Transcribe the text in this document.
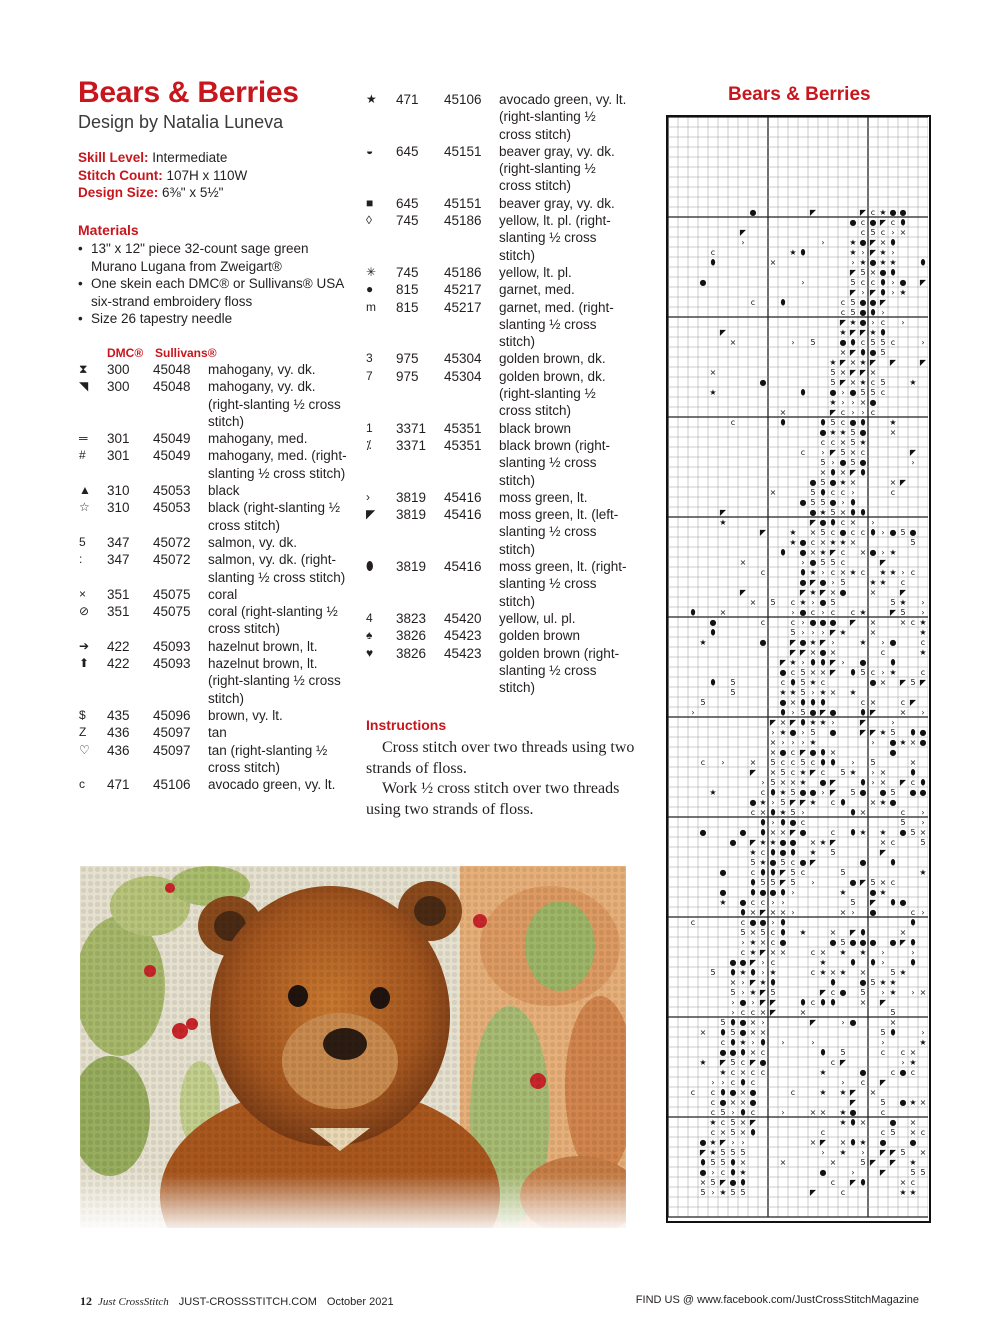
Bears & Berries
Design by Natalia Luneva
Skill Level: Intermediate
Stitch Count: 107H x 110W
Design Size: 6⅜" x 5½"
Materials
• 13" x 12" piece 32-count sage green Murano Lugana from Zweigart®
• One skein each DMC® or Sullivans® USA six-strand embroidery floss
• Size 26 tapestry needle
DMC® Sullivans®
⧗	300	45048	mahogany, vy. dk.
◥	300	45048	mahogany, vy. dk. (right-slanting ½ cross stitch)
═	301	45049	mahogany, med.
#	301	45049	mahogany, med. (right-slanting ½ cross stitch)
▲	310	45053	black
☆	310	45053	black (right-slanting ½ cross stitch)
5	347	45072	salmon, vy. dk.
:	347	45072	salmon, vy. dk. (right-slanting ½ cross stitch)
×	351	45075	coral
⊘	351	45075	coral (right-slanting ½ cross stitch)
➔	422	45093	hazelnut brown, lt.
⬆	422	45093	hazelnut brown, lt. (right-slanting ½ cross stitch)
$	435	45096	brown, vy. lt.
Z	436	45097	tan
♡	436	45097	tan (right-slanting ½ cross stitch)
c	471	45106	avocado green, vy. lt.
★	471	45106	avocado green, vy. lt. (right-slanting ½ cross stitch)
◒	645	45151	beaver gray, vy. dk. (right-slanting ½ cross stitch)
■	645	45151	beaver gray, vy. dk.
◊	745	45186	yellow, lt. pl. (right-slanting ½ cross stitch)
✳	745	45186	yellow, lt. pl.
●	815	45217	garnet, med.
m	815	45217	garnet, med. (right-slanting ½ cross stitch)
3	975	45304	golden brown, dk.
7	975	45304	golden brown, dk. (right-slanting ½ cross stitch)
1	3371	45351	black brown
⁒	3371	45351	black brown (right-slanting ½ cross stitch)
›	3819	45416	moss green, lt.
◤	3819	45416	moss green, lt. (left-slanting ½ cross stitch)
⬮	3819	45416	moss green, lt. (right-slanting ½ cross stitch)
4	3823	45420	yellow, ul. pl.
♠	3826	45423	golden brown
♥	3826	45423	golden brown (right-slanting ½ cross stitch)
Instructions

Cross stitch over two threads using two strands of floss.

Work ½ cross stitch over two threads using two strands of floss.

Bears & Berries
●	◤	◤ c ★ ● ●
● c ● ◤ c ⬮
◤	c 5 c › ×
›	›	★ ● ◤ × ⬮
c	★ ⬮	★ › ◤ ★ ›
⬮	×	› ★ ● ★ ★	⬮
◤ 5 × ● ⬮
●	›	5 c c ⬮ › ● ◤
◤ › ◤ ⬮ › ★
c	⬮	c 5 ● ● ◤
c 5 ● ⬮ ›
◤ ★ ● › c ›
◤	★ ◤ ◤ ★ ⬮
×	› 5	● ⬮ c 5 5 c	›
× ◤ ⬮ ● 5
★ ◤ × ★ ◤ ◤	◤
×	5 × ◤ ◤ ×
●	5 ◤ × ★ c 5	★
★	⬮	● › ● 5 5 c
★ › › × ●
×	◤ c › › c
c	⬮	⬮ 5 c ● ⬮	★
● ★ ★ 5 ●	×
c c × 5 ★
c › ◤ 5 × c	◤
5 › ● 5 ●	›
× ⬮ × ◤ ⬮
● 5 ● ★ ×	× ◤
×	5 ⬮ c c ›	c
● 5 5 ● › ⬮
◤	● ★ 5 × ⬮ ⬮
★	◤ ● ⬮ c × ›
◤	★ × 5 c ● c c ⬮ › ● 5 ●
★ ● c × ★ ★ ×	5
⬮ ● × ★ ◤ c × ● › ★
×	› ● 5 5 c	◤
c	⬮ ★ › c × ★ c ★ ★ › c
● ◤ ● › 5	★ ★ c
◤	◤ ★ ◤ × ●	×	◤
× 5 c ★ › ● 5	5 ★ ›
⬮	×	› ● c › c c ★	◤ 5 ›
●	c	c › ● ● ● ◤ ×	× c ★
⬮	5 › › › ◤ ★	×	★
★	●	◤ ● ★ ◤ ›	★ › ●	c
◤ ◤ × ● ×	c	★
◤ ★ › ⬮ ⬮ ◤ › ●	⬮
● c 5 × × ◤ ⬮ 5 c › ★	c
⬮ 5	c ⬮ 5 ★ c	● × ◤ 5 ◤
5	★ ★ 5 › ★ × ★
5	● × ⬮ ⬮ ⬮	c ×	c ◤
›	⬮ › 5 ● ◤ ●	⬮ ◤	× ›
◤ × ◤ ⬮ ★ ★ ›	◤	›
› ★ ● › 5 ●	◤ ◤ ★ 5 ⬮ ●
× › › › ★	› ● ★ × ●
× ● c ◤ ● ⬮ ×	●
c ›	× 5 c c 5 c ⬮ ⬮ › 5	×
◤ × 5 c ★ ◤ c 5 ★ › ×	⬮
› 5 × × ★ ● ◤	⬮ › × ◤ c ⬮
★	c ⬮ ★ 5 ● ● › ◤ 5 ● ● 5 ● ●
● ★ › 5 ◤ ◤ ★ c ⬮	× ★ ●
c × ⬮ ★ 5 ›	⬮ ×	c ›
⬮ › ⬮ ● c	5 ›
●	● ⬮ × × ◤ ●	c ⬮ ★ ★ ● 5 ×
● ◤ ★ ★ ● ● × ★ ◤	× c	5
★ c ⬮ ● ⬮ ★ 5	◤
5 ★ ● 5 c ● ◤	●	⬮
●	c ⬮ ⬮ ◤ 5 c	5	★
⬮ 5 5 ◤ 5 ›	● ◤ 5 × c
●	⬮ ● ● ⬮ ›	★	● ★
★ ● c c › ›	5 ◤ ⬮ ●
⬮ × ◤ × × ›	× › ●	c ›
c	c ● ● › ⬮	⬮
5 × 5 c ⬮ ★	× ◤ ⬮	×
› ★ × c ●	● 5 ● ● ● ● ◤ ⬮
c ★ ◤ × ×	c × ★ ★ ›	›
● ● ◤ › c	★	⬮ ⬮ ›	⬮
5 ⬮ ★ ⬮ › ★	c ★ × ★ ×	5 ★
× › ◤ ★ ⬮	⬮	● 5 ★ ★
5 › ★ ◤ 5	◤ c ● 5 › ★ › ×
› ● › ◤ ◤	⬮ c ⬮ ⬮	× ◤
› c c × ◤	×	5
5 ⬮ ● × ›	◤	› ●	×
× ⬮ 5 ● × ×	5 ⬮	›
c ⬮ ★ › ⬮ ›	›	›	★
● ● ⬮ × c	⬮ 5	c c ×
★ ◤ 5 c ◤ ●	c ◤	› ★
★ c × c c	★	●	c ● c
› › c ⬮ c	› c ◤
c c ⬮ ● × ●	c	★ ★ ◤ ×
c ● × × ●	◤	5 ● ★ ×
c 5 › ⬮ c	›	× × ★ ●	c
★ c 5 × ◤	★ ⬮ ×	● ×
c × 5 × ⬮	c	c 5 × c
● ★ ◤ › ›	× ◤ × ⬮ ★ ●	●
◤ ★ 5 5 5	› ★ › ◤ ◤ 5 ×
⬮ 5 5 ⬮ ×	×	×	5 ◤ ◤ ★
● › c ⬮ ★	●	›	◤	5 5
× 5 ◤ ● ⬮	c ◤ ⬮	× c
5 › ★ 5 5	◤	c	★ ★
12 Just CrossStitch JUST-CROSSSTITCH.COM October 2021	FIND US @ www.facebook.com/JustCrossStitchMagazine
